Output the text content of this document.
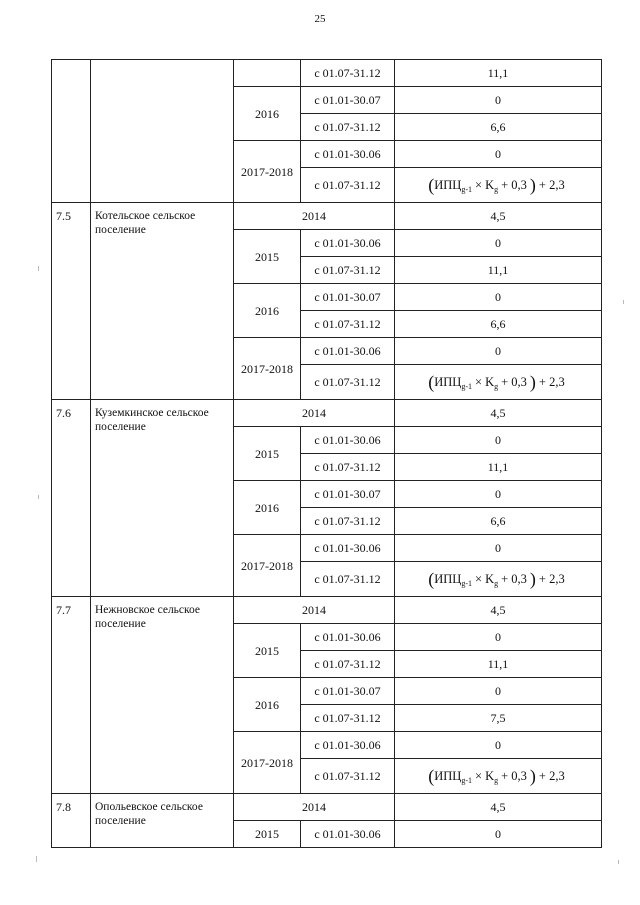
25
			с 01.07-31.12	11,1
		2016	с 01.01-30.07	0
			с 01.07-31.12	6,6
		2017-2018	с 01.01-30.06	0
			с 01.07-31.12	($ИПЦ_{g-1} \times K_g + 0,3$ ) + 2,3
7.5	Котельское сельское поселение	2014		4,5
		2015	с 01.01-30.06	0
			с 01.07-31.12	11,1
		2016	с 01.01-30.07	0
			с 01.07-31.12	6,6
		2017-2018	с 01.01-30.06	0
			с 01.07-31.12	($ИПЦ_{g-1} \times K_g + 0,3$ ) + 2,3
7.6	Куземкинское сельское поселение	2014		4,5
		2015	с 01.01-30.06	0
			с 01.07-31.12	11,1
		2016	с 01.01-30.07	0
			с 01.07-31.12	6,6
		2017-2018	с 01.01-30.06	0
			с 01.07-31.12	($ИПЦ_{g-1} \times K_g + 0,3$ ) + 2,3
7.7	Нежновское сельское поселение	2014		4,5
		2015	с 01.01-30.06	0
			с 01.07-31.12	11,1
		2016	с 01.01-30.07	0
			с 01.07-31.12	7,5
		2017-2018	с 01.01-30.06	0
			с 01.07-31.12	($ИПЦ_{g-1} \times K_g + 0,3$ ) + 2,3
7.8	Опольевское сельское поселение	2014		4,5
		2015	с 01.01-30.06	0
